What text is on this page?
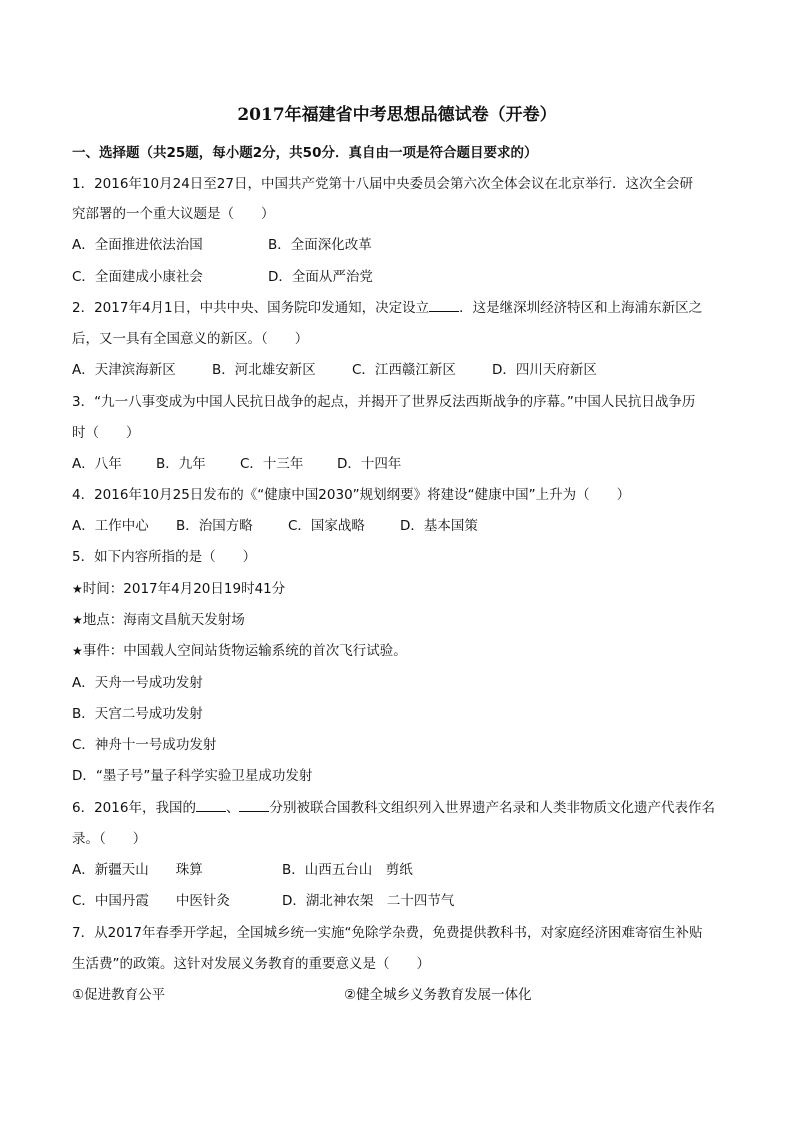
2017年福建省中考思想品德试卷（开卷）
一、选择题（共25题，每小题2分，共50分．真自由一项是符合题目要求的）
1．2016年10月24日至27日，中国共产党第十八届中央委员会第六次全体会议在北京举行．这次全会研
究部署的一个重大议题是（　　）
A．全面推进依法治国	B．全面深化改革
C．全面建成小康社会	D．全面从严治党
2．2017年4月1日，中共中央、国务院印发通知，决定设立 ．这是继深圳经济特区和上海浦东新区之
后，又一具有全国意义的新区。（　　）
A．天津滨海新区	B．河北雄安新区	C．江西赣江新区	D．四川天府新区
3．“九一八事变成为中国人民抗日战争的起点，并揭开了世界反法西斯战争的序幕。”中国人民抗日战争历
时（　　）
A．八年	B．九年	C．十三年 D．十四年
4．2016年10月25日发布的《“健康中国2030”规划纲要》将建设“健康中国”上升为（　　）
A．工作中心 B．治国方略	C．国家战略	D．基本国策
5．如下内容所指的是（　　）
★时间：2017年4月20日19时41分
★地点：海南文昌航天发射场
★事件：中国载人空间站货物运输系统的首次飞行试验。
A．天舟一号成功发射
B．天宫二号成功发射
C．神舟十一号成功发射
D．“墨子号”量子科学实验卫星成功发射
6．2016年，我国的 、 分别被联合国教科文组织列入世界遗产名录和人类非物质文化遗产代表作名
录。（　　）
A．新疆天山　　珠算	B．山西五台山　剪纸
C．中国丹霞　　中医针灸	D．湖北神农架　二十四节气
7．从2017年春季开学起，全国城乡统一实施“免除学杂费，免费提供教科书，对家庭经济困难寄宿生补贴
生活费”的政策。这针对发展义务教育的重要意义是（　　）
①促进教育公平	②健全城乡义务教育发展一体化
